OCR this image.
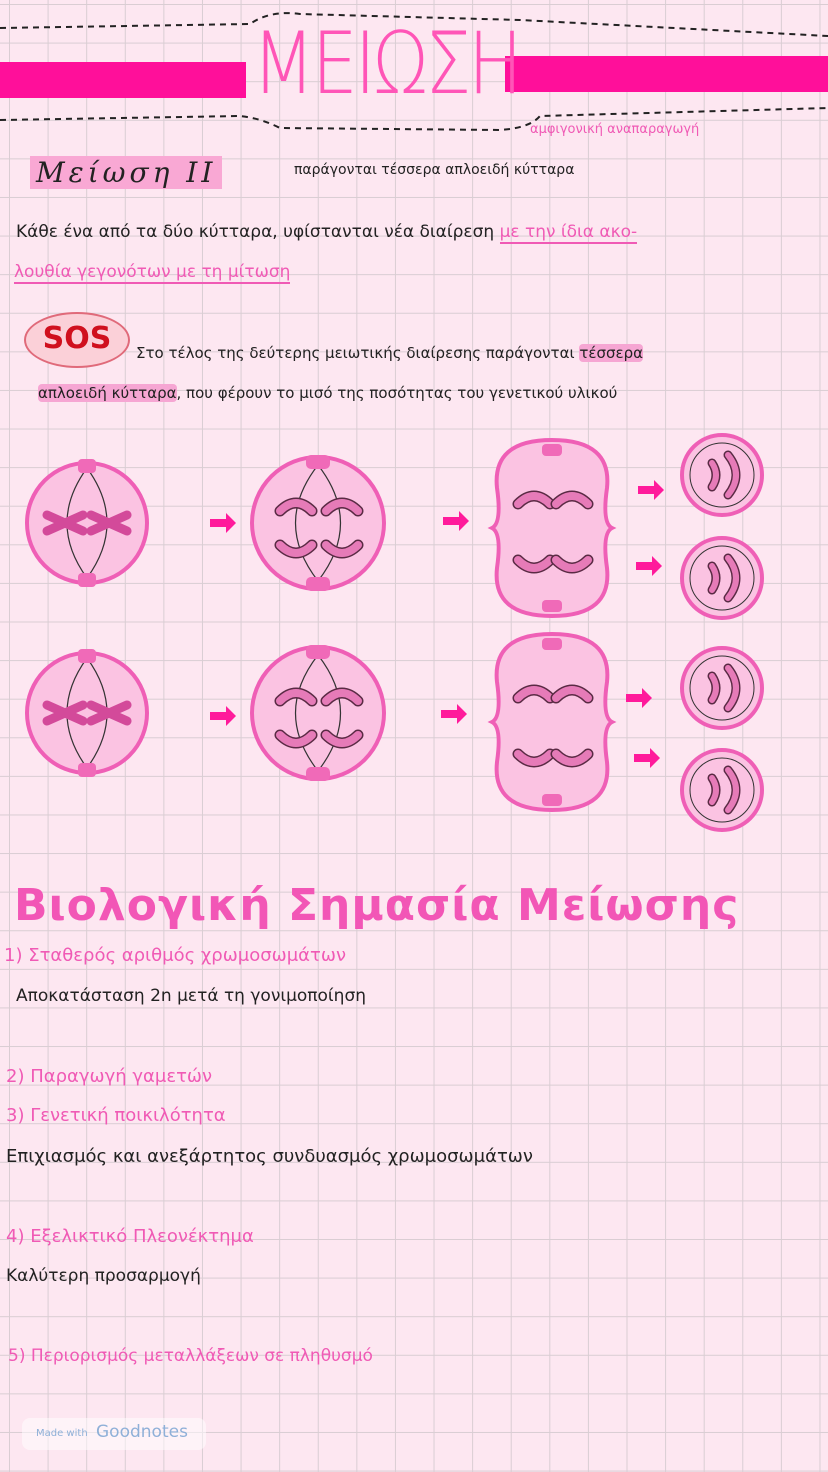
ΜΕΙΩΣΗ
αμφιγονική αναπαραγωγή
Μείωση ΙΙ	παράγονται τέσσερα απλοειδή κύτταρα
Κάθε ένα από τα δύο κύτταρα, υφίστανται νέα διαίρεση με την ίδια ακο-
λουθία γεγονότων με τη μίτωση
SOS	Στο τέλος της δεύτερης μειωτικής διαίρεσης παράγονται τέσσερα
απλοειδή κύτταρα, που φέρουν το μισό της ποσότητας του γενετικού υλικού
Βιολογική Σημασία Μείωσης
1) Σταθερός αριθμός χρωμοσωμάτων
Αποκατάσταση 2n μετά τη γονιμοποίηση
2) Παραγωγή γαμετών
3) Γενετική ποικιλότητα
Επιχιασμός και ανεξάρτητος συνδυασμός χρωμοσωμάτων
4) Εξελικτικό Πλεονέκτημα
Καλύτερη προσαρμογή
5) Περιορισμός μεταλλάξεων σε πληθυσμό
Made with Goodnotes
